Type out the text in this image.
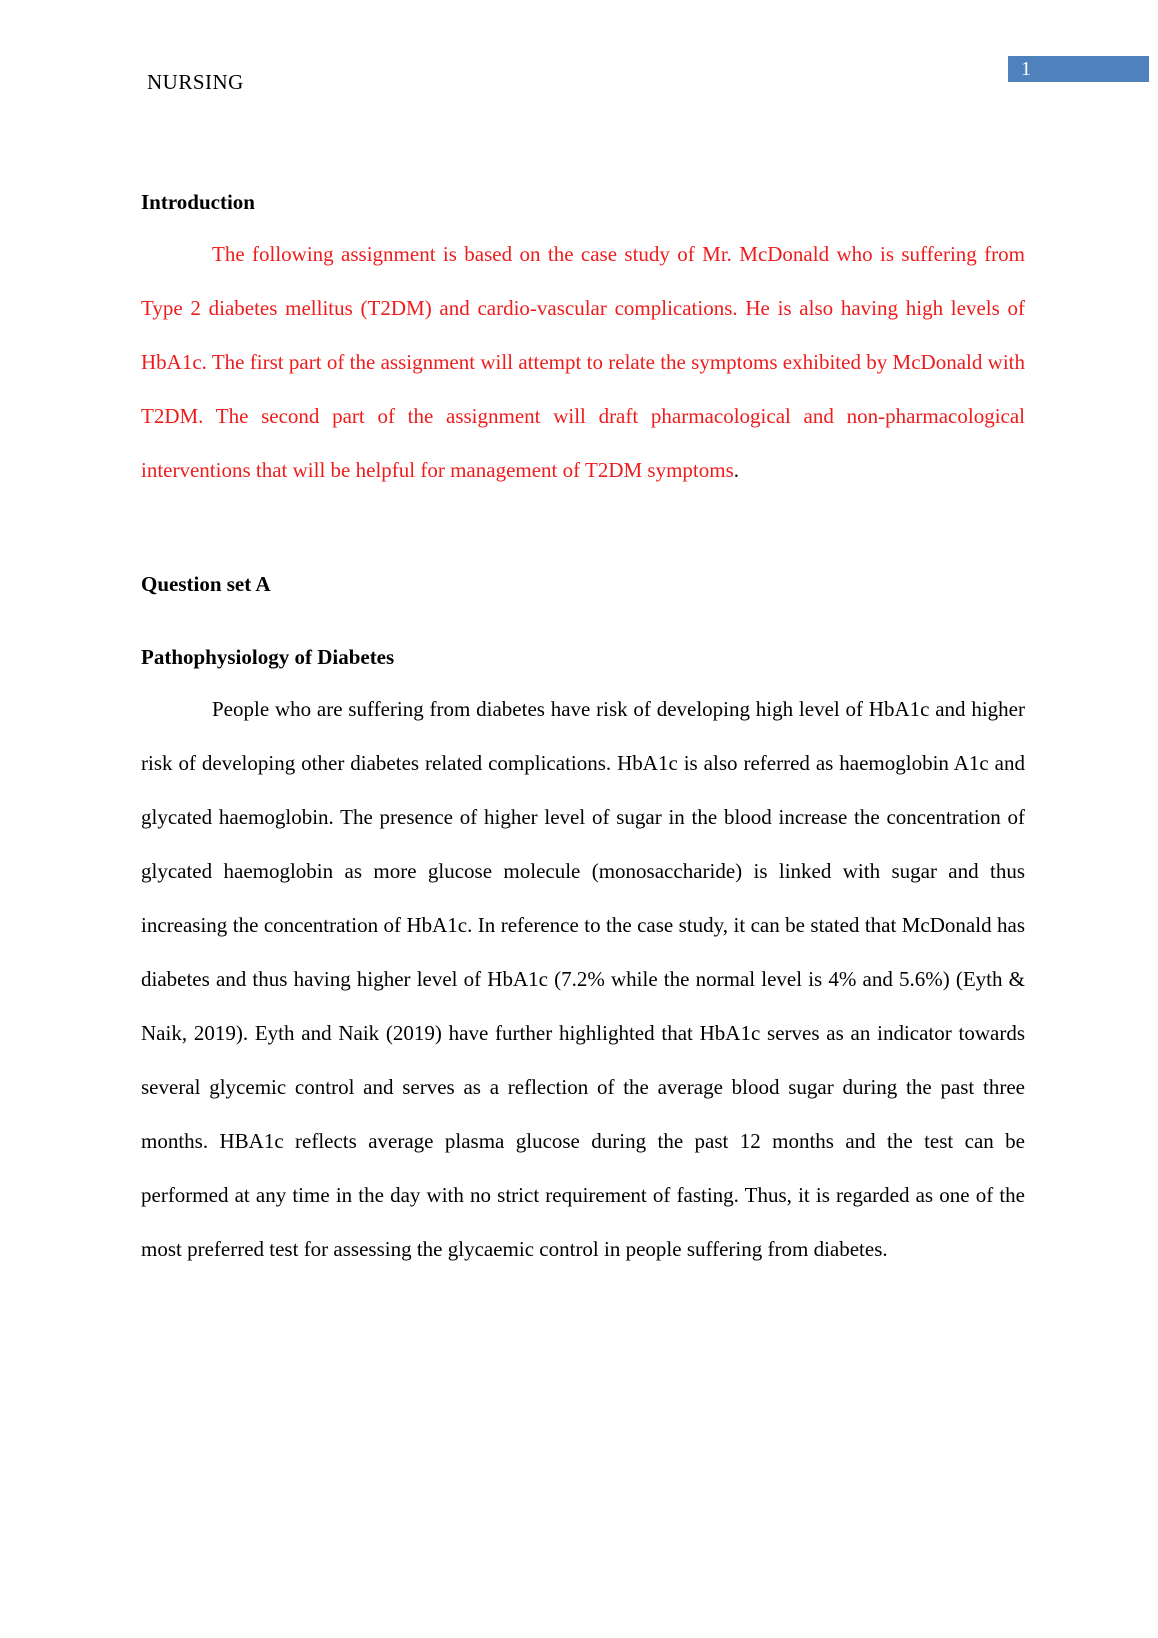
NURSING
1
Introduction

The following assignment is based on the case study of Mr. McDonald who is suffering from Type 2 diabetes mellitus (T2DM) and cardio-vascular complications. He is also having high levels of HbA1c. The first part of the assignment will attempt to relate the symptoms exhibited by McDonald with T2DM. The second part of the assignment will draft pharmacological and non-pharmacological interventions that will be helpful for management of T2DM symptoms.

Question set A
Pathophysiology of Diabetes

People who are suffering from diabetes have risk of developing high level of HbA1c and higher risk of developing other diabetes related complications. HbA1c is also referred as haemoglobin A1c and glycated haemoglobin. The presence of higher level of sugar in the blood increase the concentration of glycated haemoglobin as more glucose molecule (monosaccharide) is linked with sugar and thus increasing the concentration of HbA1c. In reference to the case study, it can be stated that McDonald has diabetes and thus having higher level of HbA1c (7.2% while the normal level is 4% and 5.6%) (Eyth & Naik, 2019). Eyth and Naik (2019) have further highlighted that HbA1c serves as an indicator towards several glycemic control and serves as a reflection of the average blood sugar during the past three months. HBA1c reflects average plasma glucose during the past 12 months and the test can be performed at any time in the day with no strict requirement of fasting. Thus, it is regarded as one of the most preferred test for assessing the glycaemic control in people suffering from diabetes.
